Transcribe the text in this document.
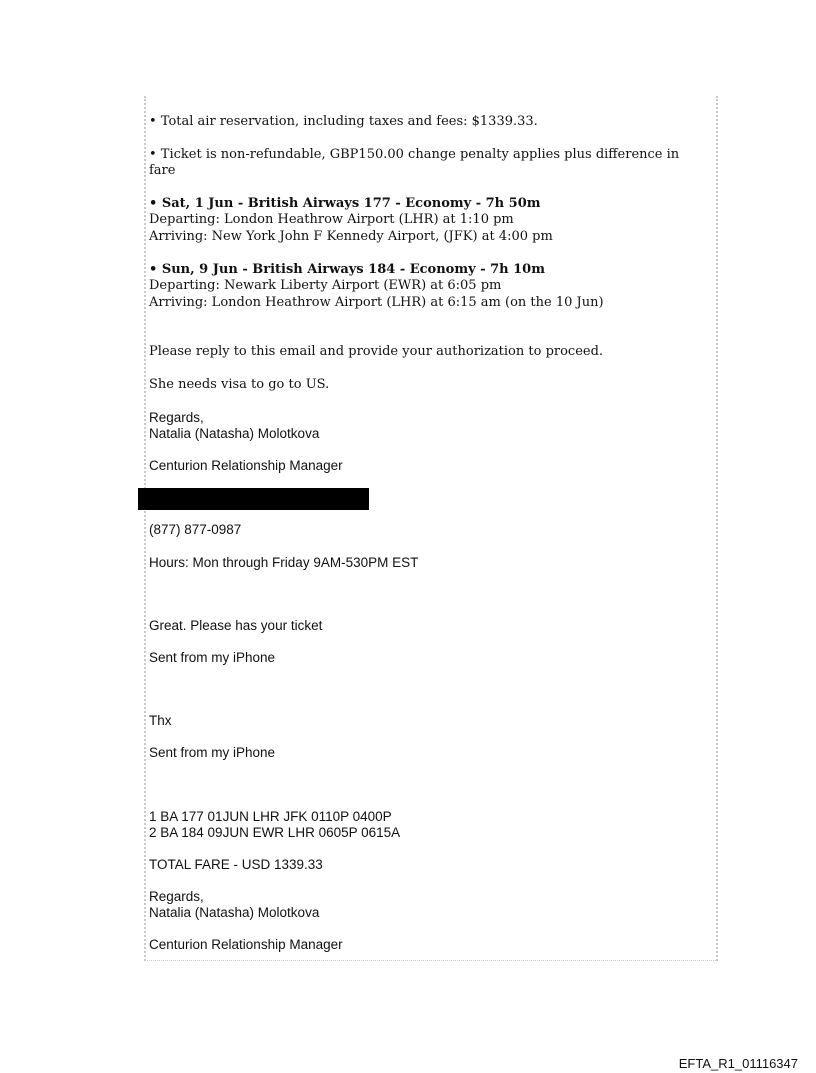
• Total air reservation, including taxes and fees: $1339.33.
• Ticket is non-refundable, GBP150.00 change penalty applies plus difference in
fare
• Sat, 1 Jun - British Airways 177 - Economy - 7h 50m
Departing: London Heathrow Airport (LHR) at 1:10 pm
Arriving: New York John F Kennedy Airport, (JFK) at 4:00 pm
• Sun, 9 Jun - British Airways 184 - Economy - 7h 10m
Departing: Newark Liberty Airport (EWR) at 6:05 pm
Arriving: London Heathrow Airport (LHR) at 6:15 am (on the 10 Jun)
Please reply to this email and provide your authorization to proceed.
She needs visa to go to US.
Regards,
Natalia (Natasha) Molotkova
Centurion Relationship Manager
(877) 877-0987
Hours: Mon through Friday 9AM-530PM EST
Great. Please has your ticket
Sent from my iPhone
Thx
Sent from my iPhone
1 BA 177 01JUN LHR JFK 0110P 0400P
2 BA 184 09JUN EWR LHR 0605P 0615A
TOTAL FARE - USD 1339.33
Regards,
Natalia (Natasha) Molotkova
Centurion Relationship Manager
EFTA_R1_01116347
